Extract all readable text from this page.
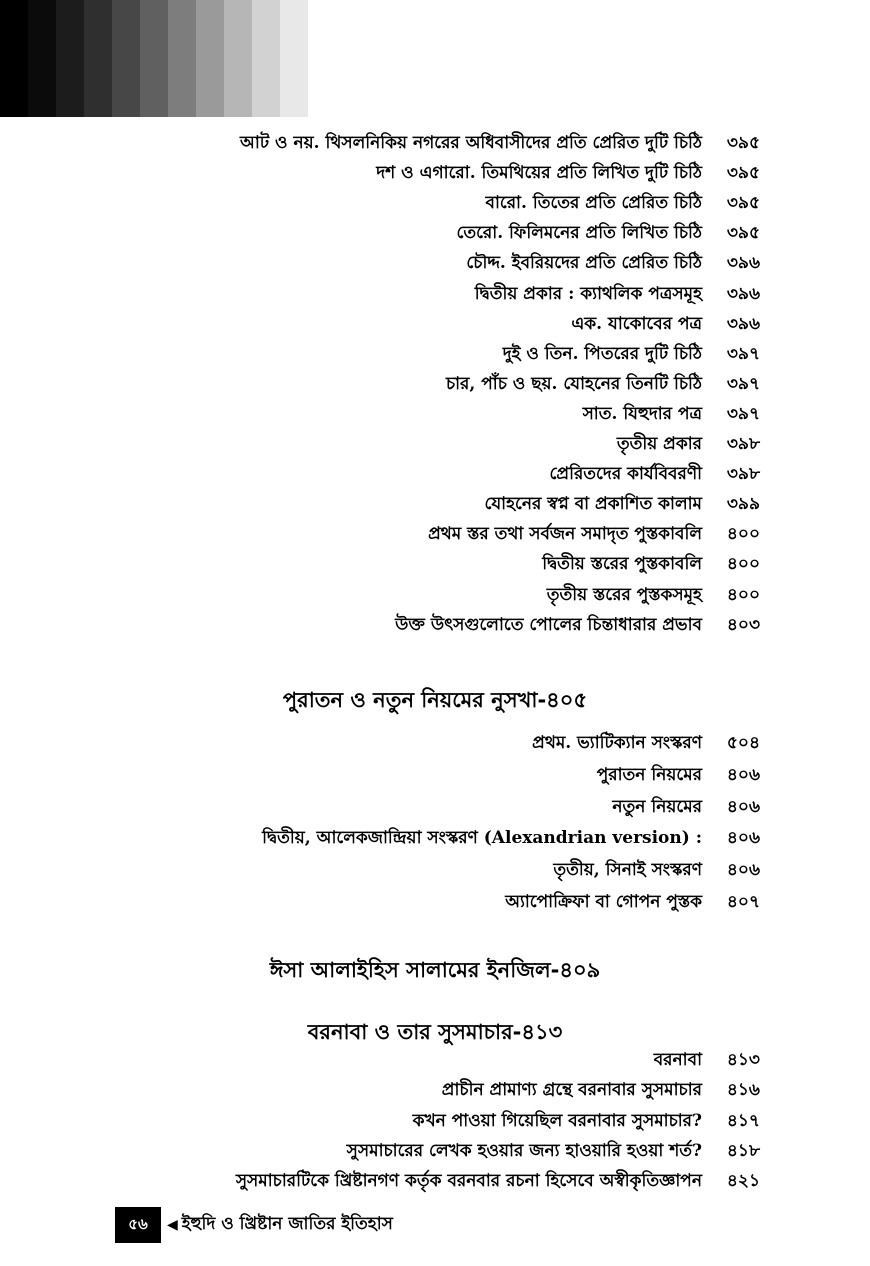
আট ও নয়. থিসলনিকিয় নগরের অধিবাসীদের প্রতি প্রেরিত দুটি চিঠি	৩৯৫
দশ ও এগারো. তিমথিয়ের প্রতি লিখিত দুটি চিঠি	৩৯৫
বারো. তিতের প্রতি প্রেরিত চিঠি	৩৯৫
তেরো. ফিলিমনের প্রতি লিখিত চিঠি	৩৯৫
চৌদ্দ. ইবরিয়দের প্রতি প্রেরিত চিঠি	৩৯৬
দ্বিতীয় প্রকার : ক্যাথলিক পত্রসমূহ	৩৯৬
এক. যাকোবের পত্র	৩৯৬
দুই ও তিন. পিতরের দুটি চিঠি	৩৯৭
চার, পাঁচ ও ছয়. যোহনের তিনটি চিঠি	৩৯৭
সাত. যিহুদার পত্র	৩৯৭
তৃতীয় প্রকার	৩৯৮
প্রেরিতদের কার্যবিবরণী	৩৯৮
যোহনের স্বপ্ন বা প্রকাশিত কালাম	৩৯৯
প্রথম স্তর তথা সর্বজন সমাদৃত পুস্তকাবলি	৪০০
দ্বিতীয় স্তরের পুস্তকাবলি	৪০০
তৃতীয় স্তরের পুস্তকসমূহ	৪০০
উক্ত উৎসগুলোতে পোলের চিন্তাধারার প্রভাব	৪০৩
পুরাতন ও নতুন নিয়মের নুসখা-৪০৫
প্রথম. ভ্যাটিক্যান সংস্করণ	৫০৪
পুরাতন নিয়মের	৪০৬
নতুন নিয়মের	৪০৬
দ্বিতীয়, আলেকজান্দ্রিয়া সংস্করণ (Alexandrian version) :	৪০৬
তৃতীয়, সিনাই সংস্করণ	৪০৬
অ্যাপোক্রিফা বা গোপন পুস্তক	৪০৭
ঈসা আলাইহিস সালামের ইনজিল-৪০৯
বরনাবা ও তার সুসমাচার-৪১৩
বরনাবা	৪১৩
প্রাচীন প্রামাণ্য গ্রন্থে বরনাবার সুসমাচার	৪১৬
কখন পাওয়া গিয়েছিল বরনাবার সুসমাচার?	৪১৭
সুসমাচারের লেখক হওয়ার জন্য হাওয়ারি হওয়া শর্ত?	৪১৮
সুসমাচারটিকে খ্রিষ্টানগণ কর্তৃক বরনবার রচনা হিসেবে অস্বীকৃতিজ্ঞাপন	৪২১
৫৬	◀ ইহুদি ও খ্রিষ্টান জাতির ইতিহাস
